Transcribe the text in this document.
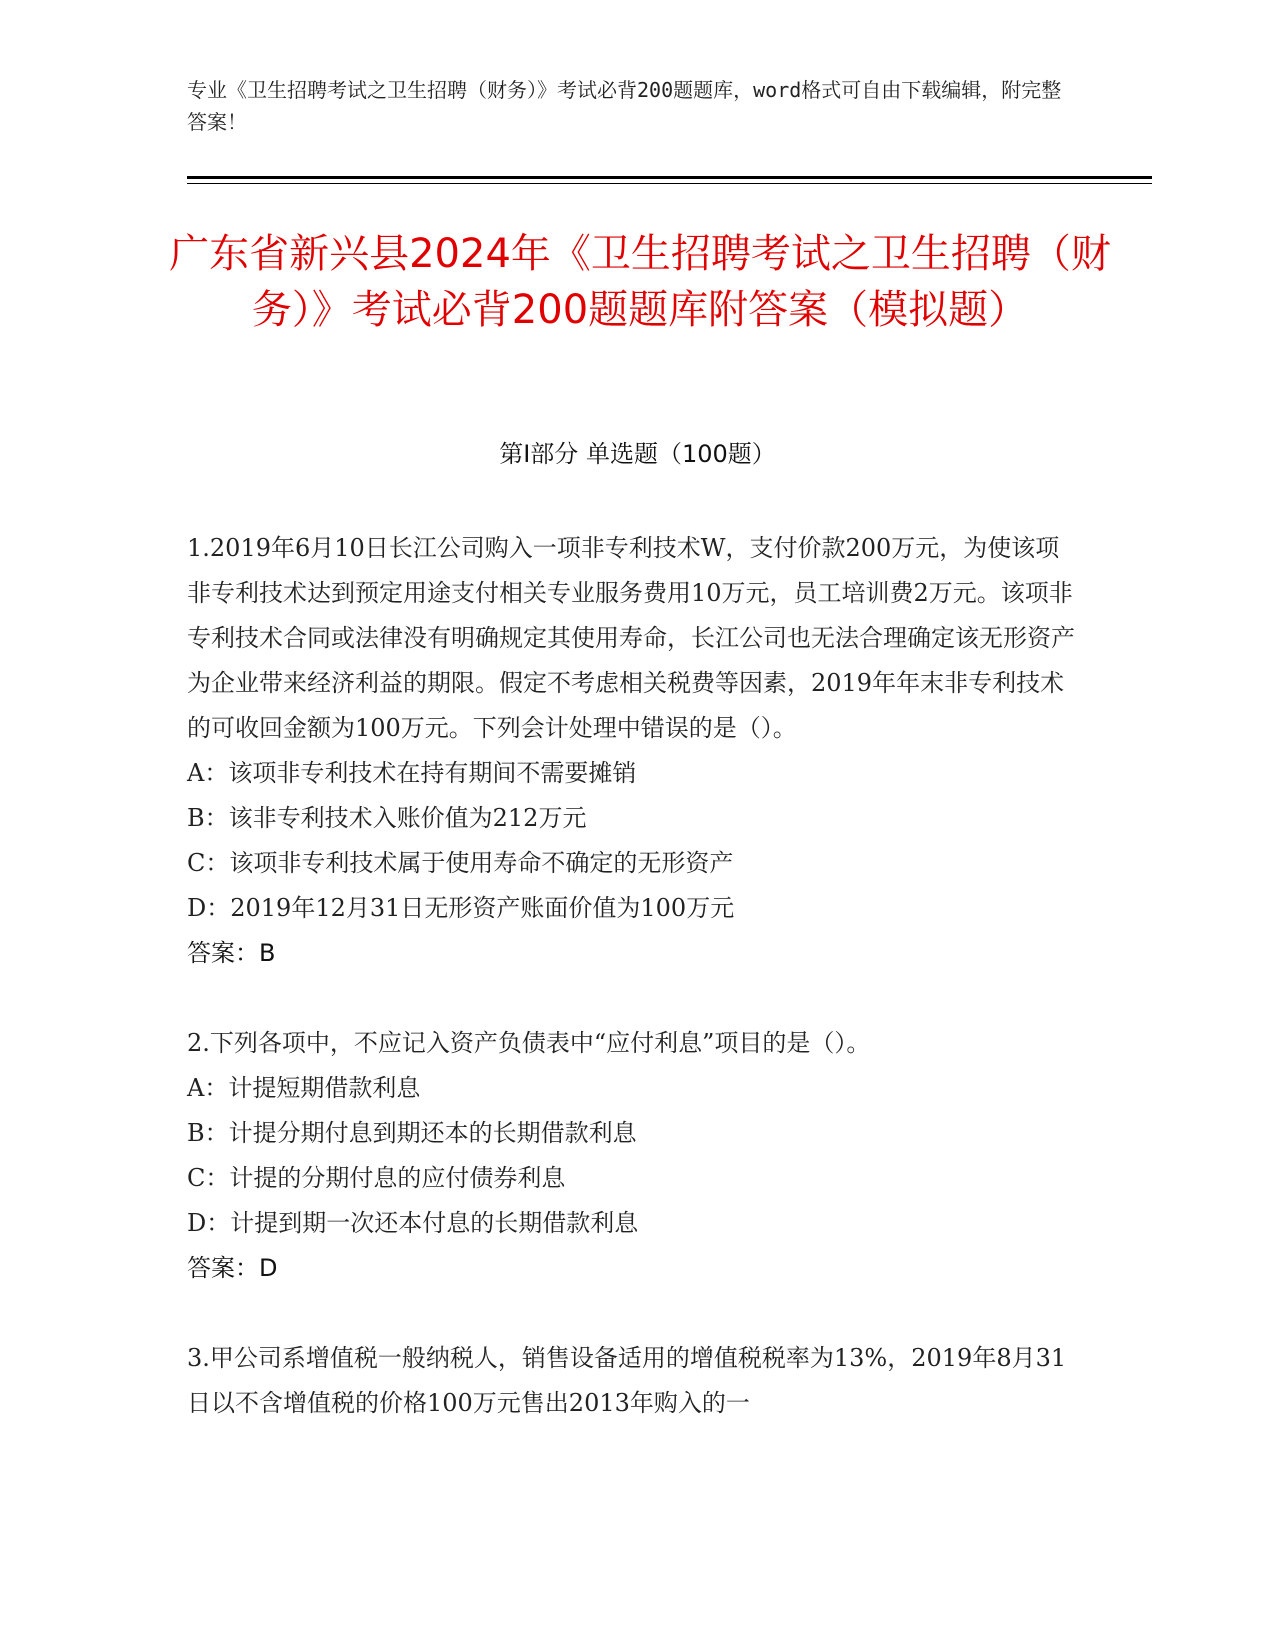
专业《卫生招聘考试之卫生招聘（财务）》考试必背200题题库，word格式可自由下载编辑，附完整答案！
广东省新兴县2024年《卫生招聘考试之卫生招聘（财务）》考试必背200题题库附答案（模拟题）
第I部分 单选题（100题）

1.2019年6月10日长江公司购入一项非专利技术W，支付价款200万元，为使该项非专利技术达到预定用途支付相关专业服务费用10万元，员工培训费2万元。该项非专利技术合同或法律没有明确规定其使用寿命，长江公司也无法合理确定该无形资产为企业带来经济利益的期限。假定不考虑相关税费等因素，2019年年末非专利技术的可收回金额为100万元。下列会计处理中错误的是（）。

A：该项非专利技术在持有期间不需要摊销

B：该非专利技术入账价值为212万元

C：该项非专利技术属于使用寿命不确定的无形资产

D：2019年12月31日无形资产账面价值为100万元

答案：B

2.下列各项中，不应记入资产负债表中“应付利息”项目的是（）。

A：计提短期借款利息

B：计提分期付息到期还本的长期借款利息

C：计提的分期付息的应付债券利息

D：计提到期一次还本付息的长期借款利息

答案：D

3.甲公司系增值税一般纳税人，销售设备适用的增值税税率为13%，2019年8月31日以不含增值税的价格100万元售出2013年购入的一
